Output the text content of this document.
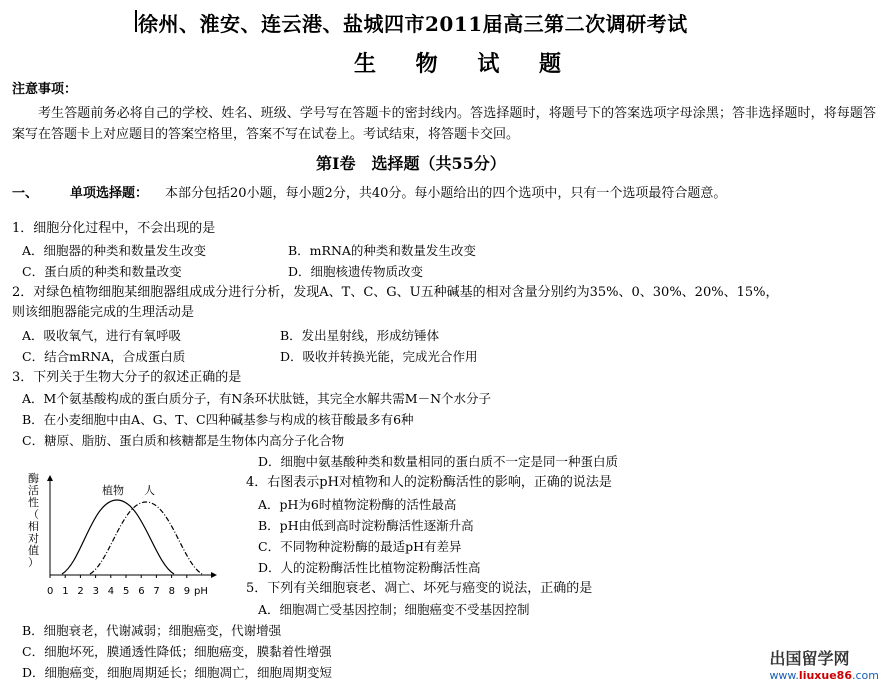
徐州、淮安、连云港、盐城四市2011届高三第二次调研考试
生 物 试 题
注意事项：
考生答题前务必将自己的学校、姓名、班级、学号写在答题卡的密封线内。答选择题时，将题号下的答案选项字母涂黑；答非选择题时，将每题答案写在答题卡上对应题目的答案空格里，答案不写在试卷上。考试结束，将答题卡交回。
第Ⅰ卷　选择题（共55分）
一、 单项选择题： 本部分包括20小题，每小题2分，共40分。每小题给出的四个选项中，只有一个选项最符合题意。
1．细胞分化过程中，不会出现的是
A．细胞器的种类和数量发生改变	B．mRNA的种类和数量发生改变
C．蛋白质的种类和数量改变	D．细胞核遗传物质改变
2．对绿色植物细胞某细胞器组成成分进行分析，发现A、T、C、G、U五种碱基的相对含量分别约为35%、0、30%、20%、15%，
则该细胞器能完成的生理活动是
A．吸收氧气，进行有氧呼吸	B．发出星射线，形成纺锤体
C．结合mRNA，合成蛋白质	D．吸收并转换光能，完成光合作用
3．下列关于生物大分子的叙述正确的是
A．M个氨基酸构成的蛋白质分子，有N条环状肽链，其完全水解共需M－N个水分子
B．在小麦细胞中由A、G、T、C四种碱基参与构成的核苷酸最多有6种
C．糖原、脂肪、蛋白质和核糖都是生物体内高分子化合物
D．细胞中氨基酸种类和数量相同的蛋白质不一定是同一种蛋白质
酶
活
性
（
相
对
值
）
植物 人
0 1 2 3 4 5 6 7 8 9 pH
4．右图表示pH对植物和人的淀粉酶活性的影响，正确的说法是
A．pH为6时植物淀粉酶的活性最高
B．pH由低到高时淀粉酶活性逐渐升高
C．不同物种淀粉酶的最适pH有差异
D．人的淀粉酶活性比植物淀粉酶活性高
5．下列有关细胞衰老、凋亡、坏死与癌变的说法，正确的是
A．细胞凋亡受基因控制；细胞癌变不受基因控制
B．细胞衰老，代谢减弱；细胞癌变，代谢增强
C．细胞坏死，膜通透性降低；细胞癌变，膜黏着性增强
D．细胞癌变，细胞周期延长；细胞凋亡，细胞周期变短
出国留学网
www.liuxue86.com
